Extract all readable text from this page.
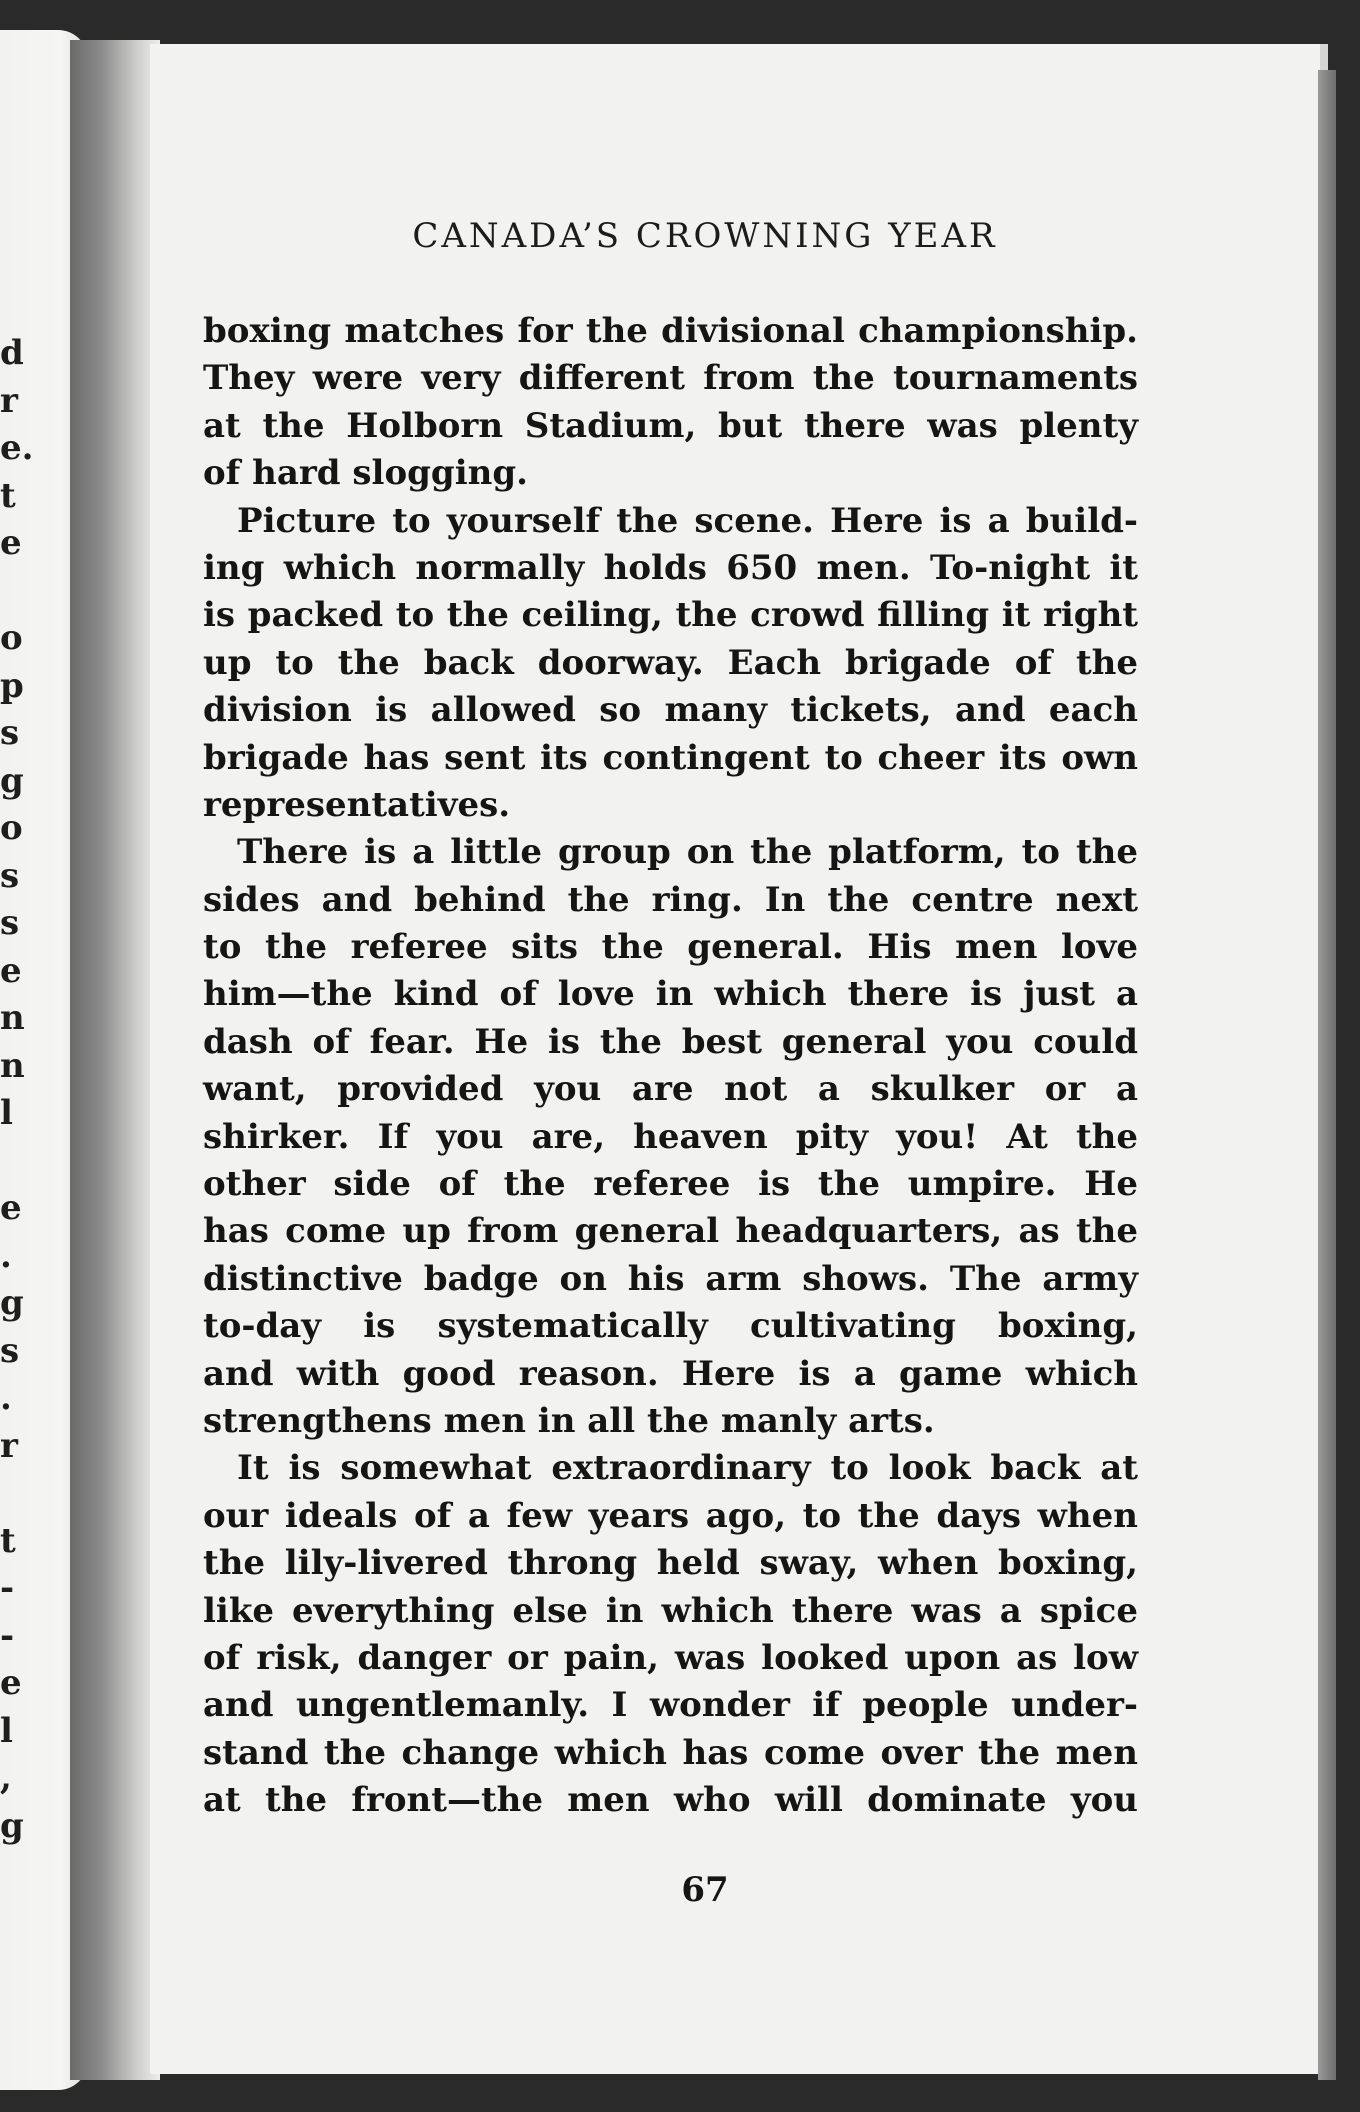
d
r
e.
t
e
o
p
s
g
o
s
s
e
n
n
l
e
.
g
s
.
r
t
-
-
e
l
,
g
CANADA’S CROWNING YEAR
boxing matches for the divisional championship.
They were very different from the tournaments
at the Holborn Stadium, but there was plenty
of hard slogging.
Picture to yourself the scene. Here is a build-
ing which normally holds 650 men. To-night it
is packed to the ceiling, the crowd filling it right
up to the back doorway. Each brigade of the
division is allowed so many tickets, and each
brigade has sent its contingent to cheer its own
representatives.
There is a little group on the platform, to the
sides and behind the ring. In the centre next
to the referee sits the general. His men love
him—the kind of love in which there is just a
dash of fear. He is the best general you could
want, provided you are not a skulker or a
shirker. If you are, heaven pity you! At the
other side of the referee is the umpire. He
has come up from general headquarters, as the
distinctive badge on his arm shows. The army
to-day is systematically cultivating boxing,
and with good reason. Here is a game which
strengthens men in all the manly arts.
It is somewhat extraordinary to look back at
our ideals of a few years ago, to the days when
the lily-livered throng held sway, when boxing,
like everything else in which there was a spice
of risk, danger or pain, was looked upon as low
and ungentlemanly. I wonder if people under-
stand the change which has come over the men
at the front—the men who will dominate you
67
